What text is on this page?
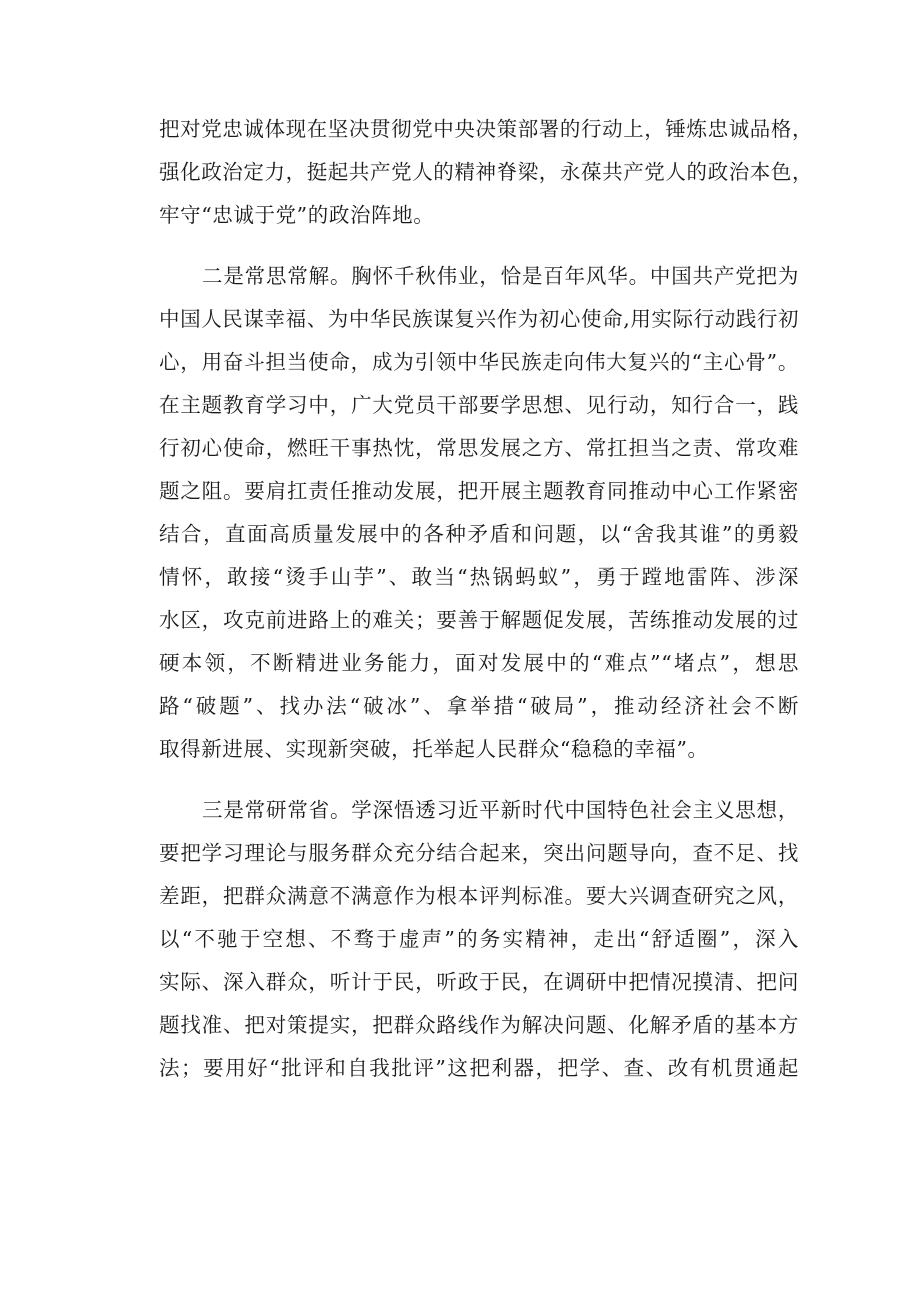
把对党忠诚体现在坚决贯彻党中央决策部署的行动上，锤炼忠诚品格，
强化政治定力，挺起共产党人的精神脊梁，永葆共产党人的政治本色，
牢守“忠诚于党”的政治阵地。
二是常思常解。胸怀千秋伟业，恰是百年风华。中国共产党把为
中国人民谋幸福、为中华民族谋复兴作为初心使命,用实际行动践行初
心，用奋斗担当使命，成为引领中华民族走向伟大复兴的“主心骨”。
在主题教育学习中，广大党员干部要学思想、见行动，知行合一，践
行初心使命，燃旺干事热忱，常思发展之方、常扛担当之责、常攻难
题之阻。要肩扛责任推动发展，把开展主题教育同推动中心工作紧密
结合，直面高质量发展中的各种矛盾和问题，以“舍我其谁”的勇毅
情怀，敢接“烫手山芋”、敢当“热锅蚂蚁”，勇于蹚地雷阵、涉深
水区，攻克前进路上的难关；要善于解题促发展，苦练推动发展的过
硬本领，不断精进业务能力，面对发展中的“难点”“堵点”，想思
路“破题”、找办法“破冰”、拿举措“破局”，推动经济社会不断
取得新进展、实现新突破，托举起人民群众“稳稳的幸福”。
三是常研常省。学深悟透习近平新时代中国特色社会主义思想，
要把学习理论与服务群众充分结合起来，突出问题导向，查不足、找
差距，把群众满意不满意作为根本评判标准。要大兴调查研究之风，
以“不驰于空想、不骛于虚声”的务实精神，走出“舒适圈”，深入
实际、深入群众，听计于民，听政于民，在调研中把情况摸清、把问
题找准、把对策提实，把群众路线作为解决问题、化解矛盾的基本方
法；要用好“批评和自我批评”这把利器，把学、查、改有机贯通起
